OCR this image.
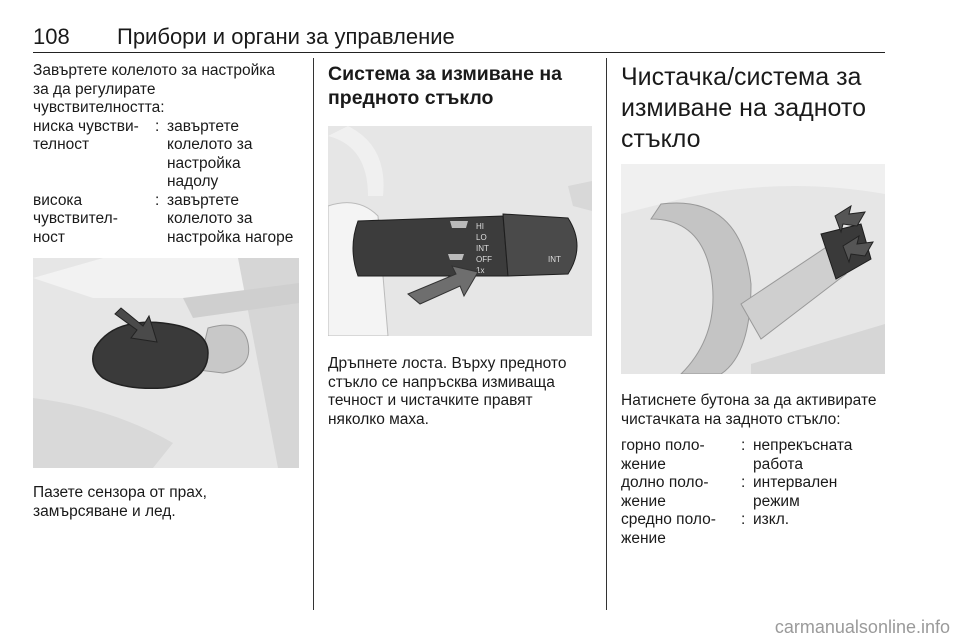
108 Прибори и органи за управление

Завъртете колелото за настройка
за да регулирате
чувствителността:

ниска чувстви-
телност
: завъртете
колелото за
настройка
надолу
висока
чувствител-
ност
: завъртете
колелото за
настройка нагоре

Пазете сензора от прах,
замърсяване и лед.

Система за измиване на
предното стъкло
HI
LO
INT
OFF
1x
INT

Дръпнете лоста. Върху предното
стъкло се напръсква измиваща
течност и чистачките правят
няколко маха.

Чистачка/система за
измиване на задното
стъкло

Натиснете бутона за да активирате
чистачката на задното стъкло:

горно поло-
жение
: непрекъсната
работа
долно поло-
жение
: интервален
режим
средно поло-
жение
: изкл.
carmanualsonline.info
